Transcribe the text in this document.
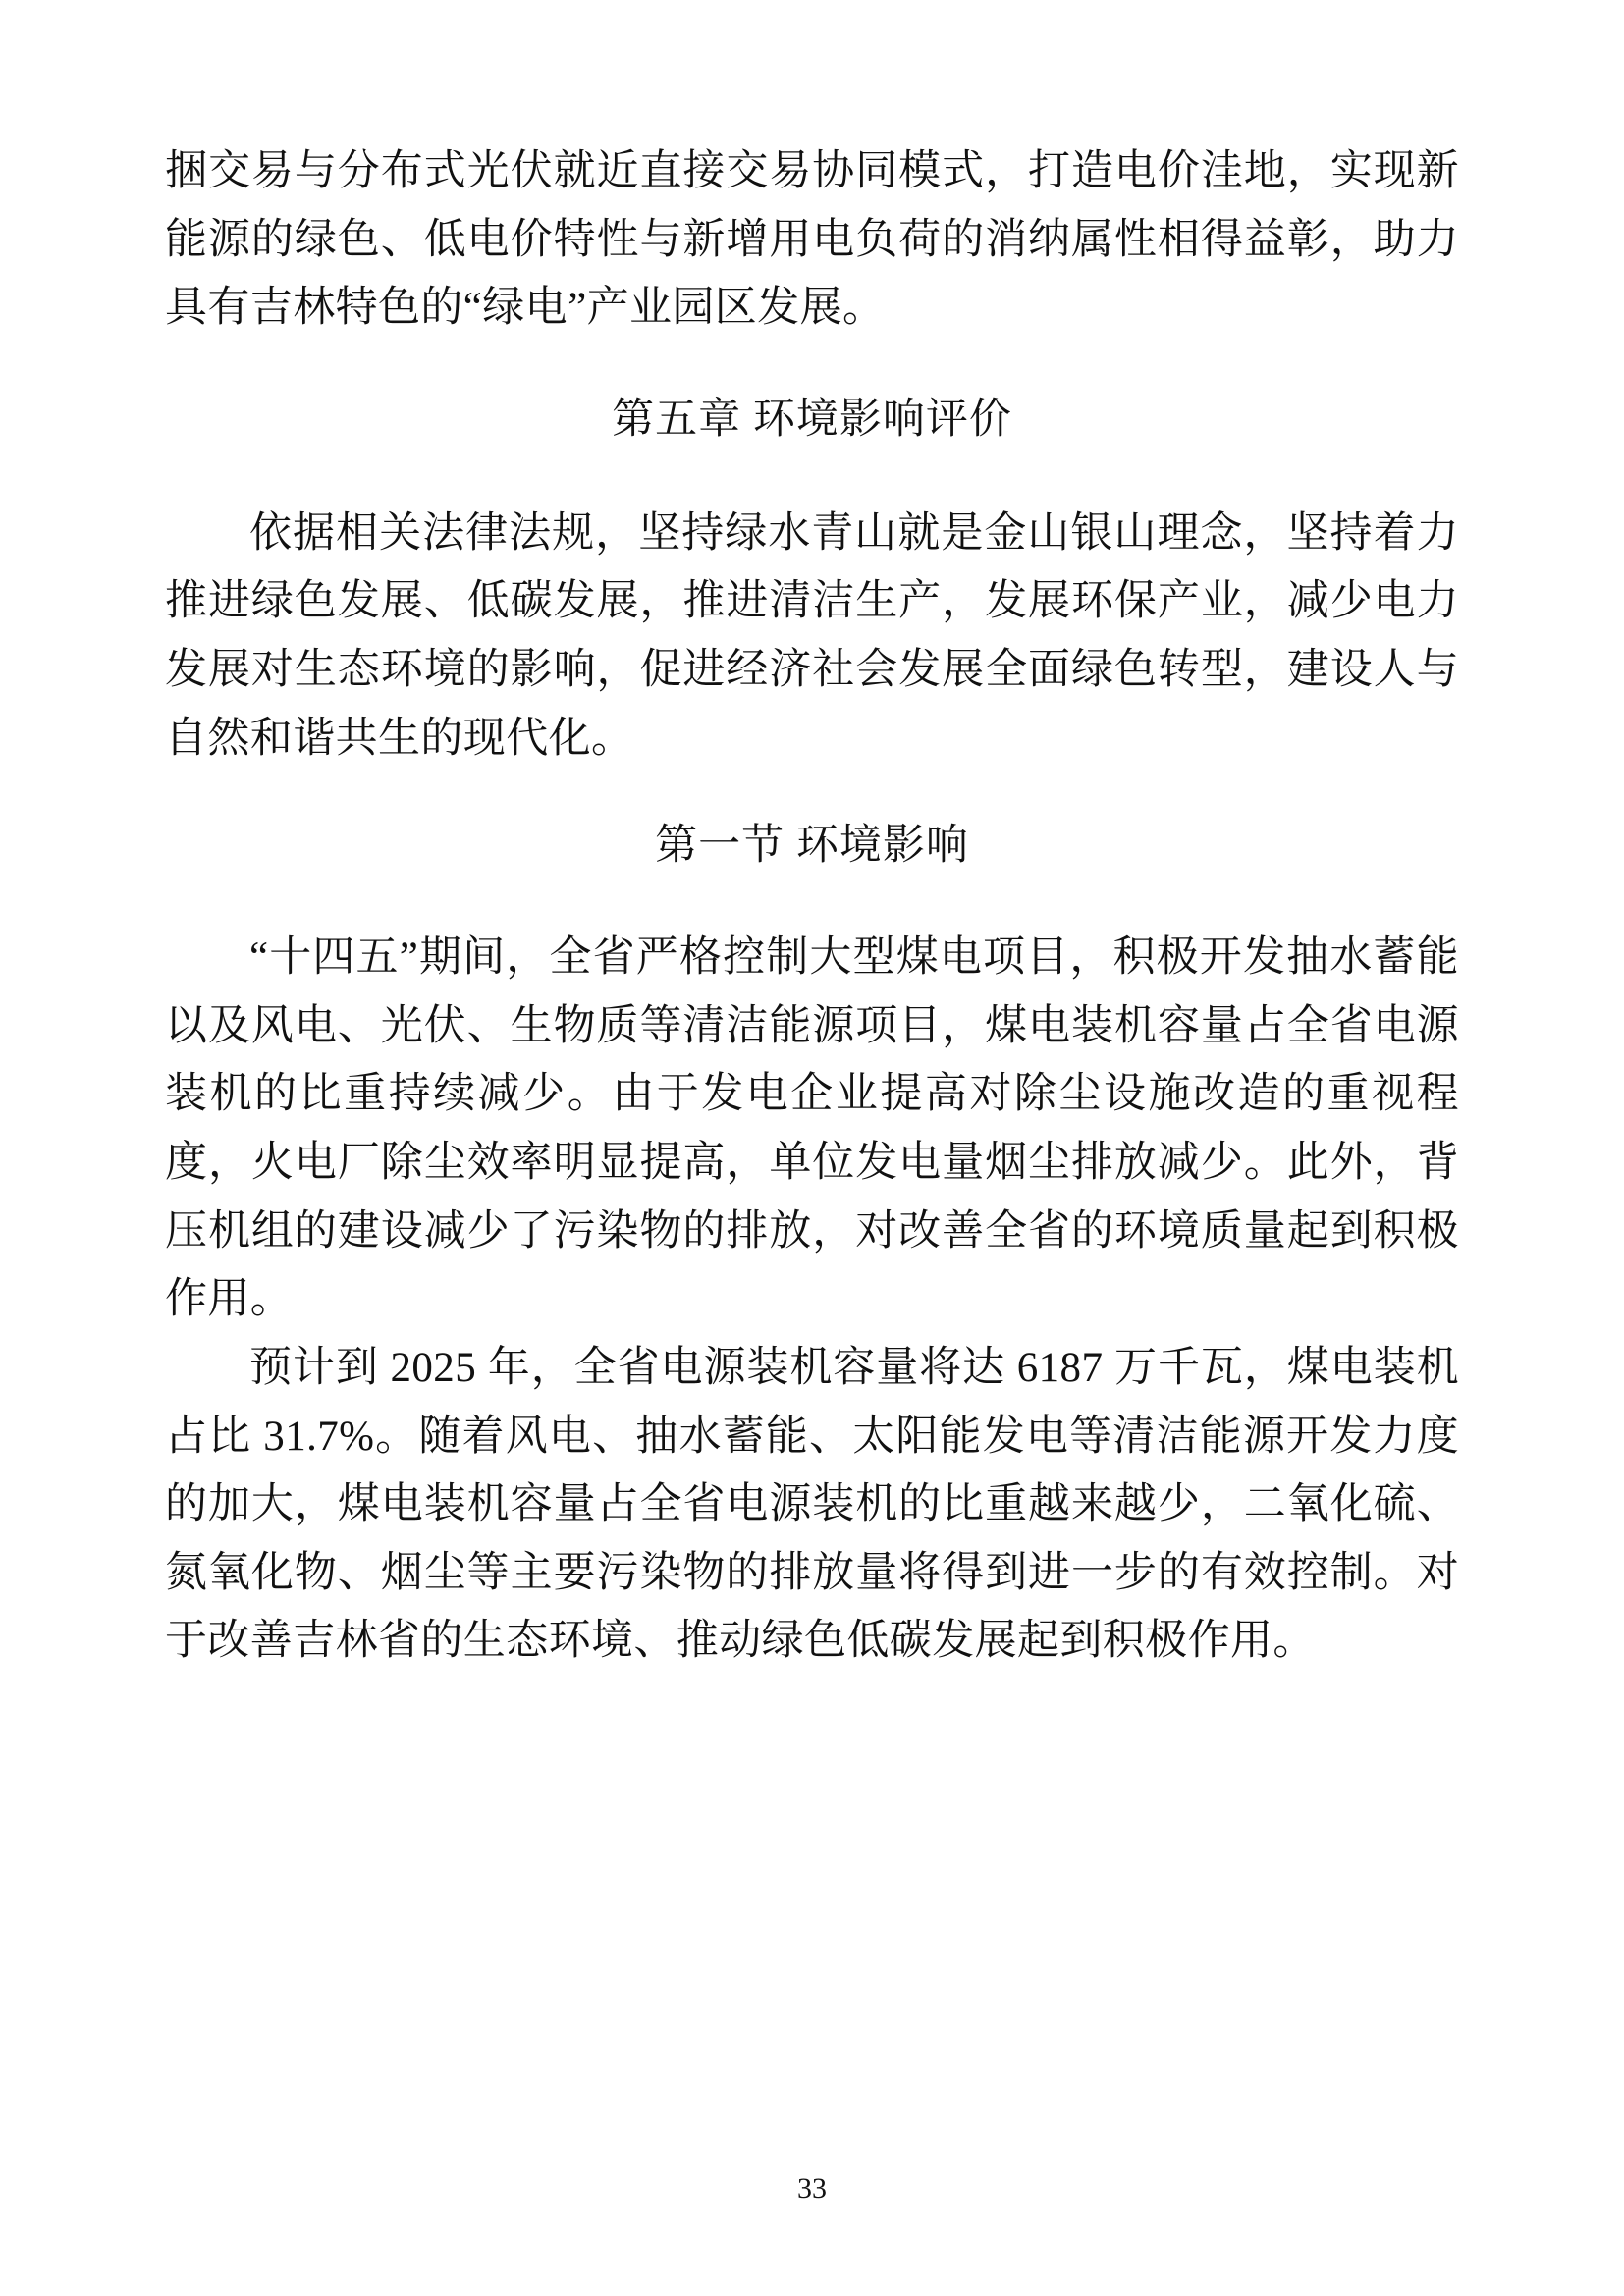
捆交易与分布式光伏就近直接交易协同模式，打造电价洼地，实现新能源的绿色、低电价特性与新增用电负荷的消纳属性相得益彰，助力具有吉林特色的“绿电”产业园区发展。

第五章 环境影响评价

依据相关法律法规，坚持绿水青山就是金山银山理念，坚持着力推进绿色发展、低碳发展，推进清洁生产，发展环保产业，减少电力发展对生态环境的影响，促进经济社会发展全面绿色转型，建设人与自然和谐共生的现代化。

第一节 环境影响

“十四五”期间，全省严格控制大型煤电项目，积极开发抽水蓄能以及风电、光伏、生物质等清洁能源项目，煤电装机容量占全省电源装机的比重持续减少。由于发电企业提高对除尘设施改造的重视程度，火电厂除尘效率明显提高，单位发电量烟尘排放减少。此外，背压机组的建设减少了污染物的排放，对改善全省的环境质量起到积极作用。

预计到 2025 年，全省电源装机容量将达 6187 万千瓦，煤电装机占比 31.7%。随着风电、抽水蓄能、太阳能发电等清洁能源开发力度的加大，煤电装机容量占全省电源装机的比重越来越少，二氧化硫、氮氧化物、烟尘等主要污染物的排放量将得到进一步的有效控制。对于改善吉林省的生态环境、推动绿色低碳发展起到积极作用。

33
